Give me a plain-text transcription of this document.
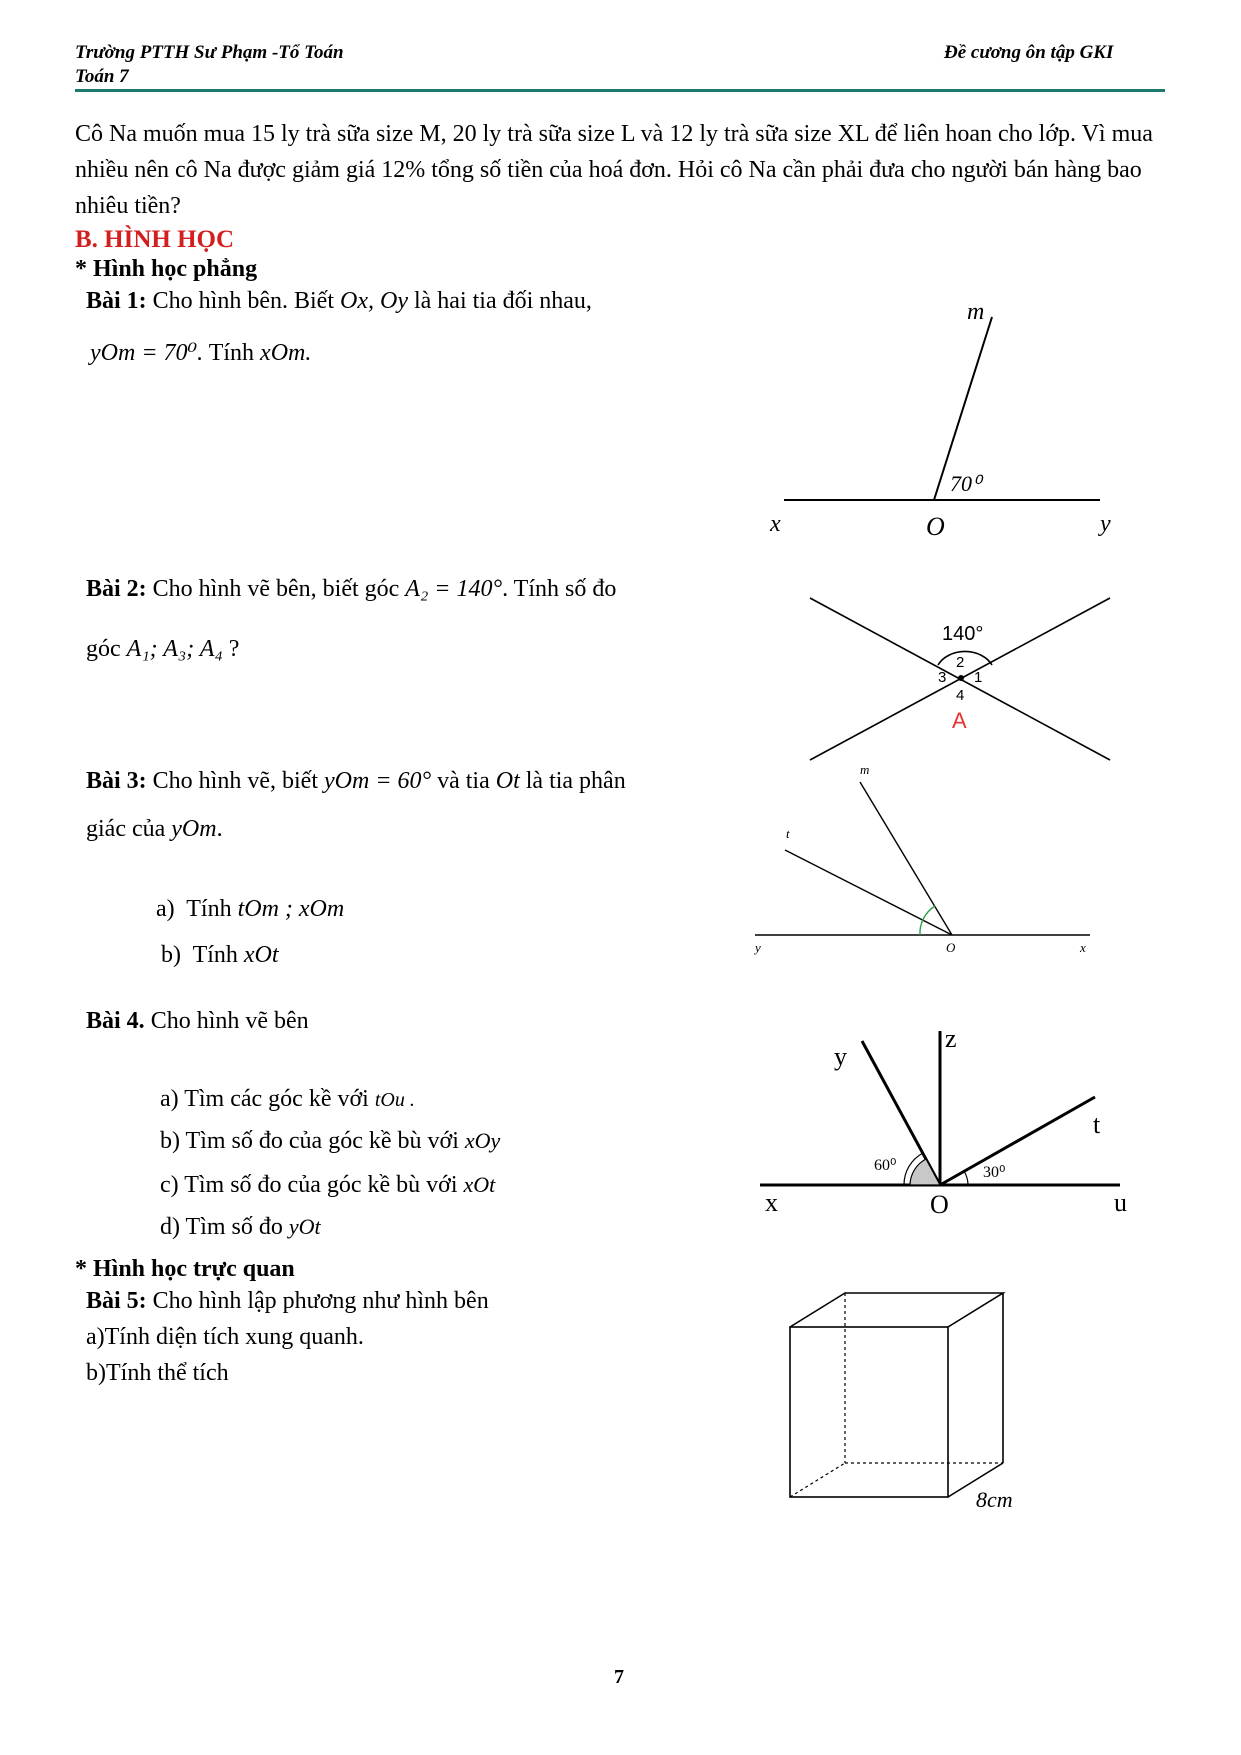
Trường PTTH Sư Phạm -Tổ Toán	Đề cương ôn tập GKI
Toán 7
Cô Na muốn mua 15 ly trà sữa size M, 20 ly trà sữa size L và 12 ly trà sữa size XL để liên hoan cho lớp. Vì mua nhiều nên cô Na được giảm giá 12% tổng số tiền của hoá đơn. Hỏi cô Na cần phải đưa cho người bán hàng bao nhiêu tiền?
B. HÌNH HỌC
* Hình học phẳng
Bài 1: Cho hình bên. Biết Ox, Oy là hai tia đối nhau,
yOm = 70⁰. Tính xOm.
m
70⁰
x	O	y
Bài 2: Cho hình vẽ bên, biết góc A₂ = 140°. Tính số đo
góc A₁; A₃; A₄ ?
140°
2
3 1
4
A
Bài 3: Cho hình vẽ, biết yOm = 60° và tia Ot là tia phân
giác của yOm.
a) Tính tOm ; xOm
b) Tính xOt
m
t
y	O	x
Bài 4. Cho hình vẽ bên
a) Tìm các góc kề với tOu .
b) Tìm số đo của góc kề bù với xOy
c) Tìm số đo của góc kề bù với xOt
d) Tìm số đo yOt
z
y
t
60⁰	30⁰
x	O	u
* Hình học trực quan
Bài 5: Cho hình lập phương như hình bên
a)Tính diện tích xung quanh.
b)Tính thể tích
8cm
7
